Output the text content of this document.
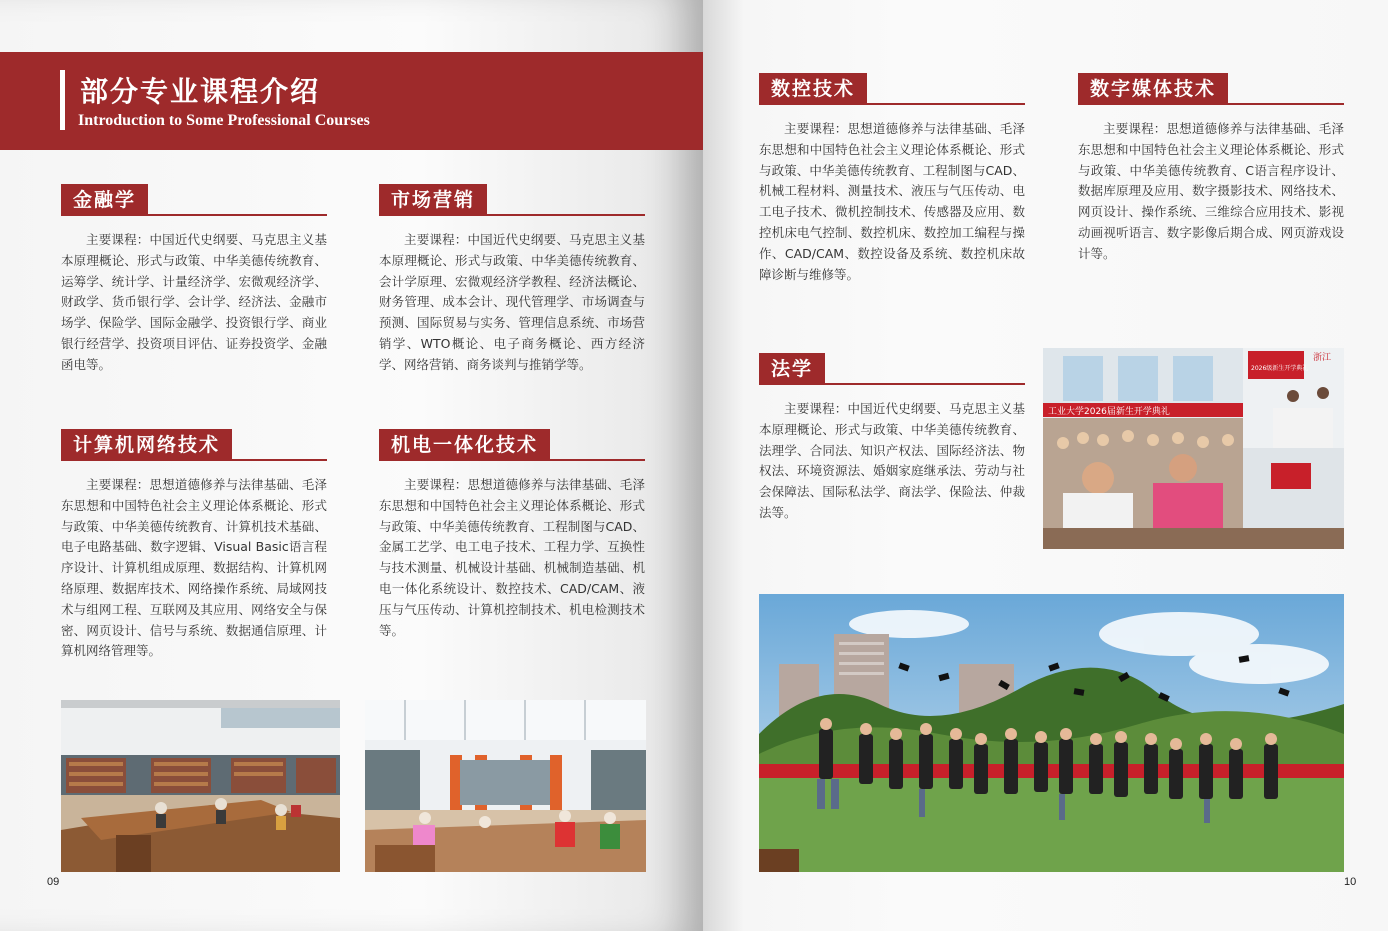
部分专业课程介绍
Introduction to Some Professional Courses
金融学
主要课程：中国近代史纲要、马克思主义基本原理概论、形式与政策、中华美德传统教育、运筹学、统计学、计量经济学、宏微观经济学、财政学、货币银行学、会计学、经济法、金融市场学、保险学、国际金融学、投资银行学、商业银行经营学、投资项目评估、证券投资学、金融函电等。
市场营销
主要课程：中国近代史纲要、马克思主义基本原理概论、形式与政策、中华美德传统教育、会计学原理、宏微观经济学教程、经济法概论、财务管理、成本会计、现代管理学、市场调查与预测、国际贸易与实务、管理信息系统、市场营销学、WTO概论、电子商务概论、西方经济学、网络营销、商务谈判与推销学等。
计算机网络技术
主要课程：思想道德修养与法律基础、毛泽东思想和中国特色社会主义理论体系概论、形式与政策、中华美德传统教育、计算机技术基础、电子电路基础、数字逻辑、Visual Basic语言程序设计、计算机组成原理、数据结构、计算机网络原理、数据库技术、网络操作系统、局域网技术与组网工程、互联网及其应用、网络安全与保密、网页设计、信号与系统、数据通信原理、计算机网络管理等。
机电一体化技术
主要课程：思想道德修养与法律基础、毛泽东思想和中国特色社会主义理论体系概论、形式与政策、中华美德传统教育、工程制图与CAD、金属工艺学、电工电子技术、工程力学、互换性与技术测量、机械设计基础、机械制造基础、机电一体化系统设计、数控技术、CAD/CAM、液压与气压传动、计算机控制技术、机电检测技术等。
09
数控技术
主要课程：思想道德修养与法律基础、毛泽东思想和中国特色社会主义理论体系概论、形式与政策、中华美德传统教育、工程制图与CAD、机械工程材料、测量技术、液压与气压传动、电工电子技术、微机控制技术、传感器及应用、数控机床电气控制、数控机床、数控加工编程与操作、CAD/CAM、数控设备及系统、数控机床故障诊断与维修等。
数字媒体技术
主要课程：思想道德修养与法律基础、毛泽东思想和中国特色社会主义理论体系概论、形式与政策、中华美德传统教育、C语言程序设计、数据库原理及应用、数字摄影技术、网络技术、网页设计、操作系统、三维综合应用技术、影视动画视听语言、数字影像后期合成、网页游戏设计等。
法学
主要课程：中国近代史纲要、马克思主义基本原理概论、形式与政策、中华美德传统教育、法理学、合同法、知识产权法、国际经济法、物权法、环境资源法、婚姻家庭继承法、劳动与社会保障法、国际私法学、商法学、保险法、仲裁法等。
工业大学2026届新生开学典礼
2026级新生开学典礼
浙江
10
